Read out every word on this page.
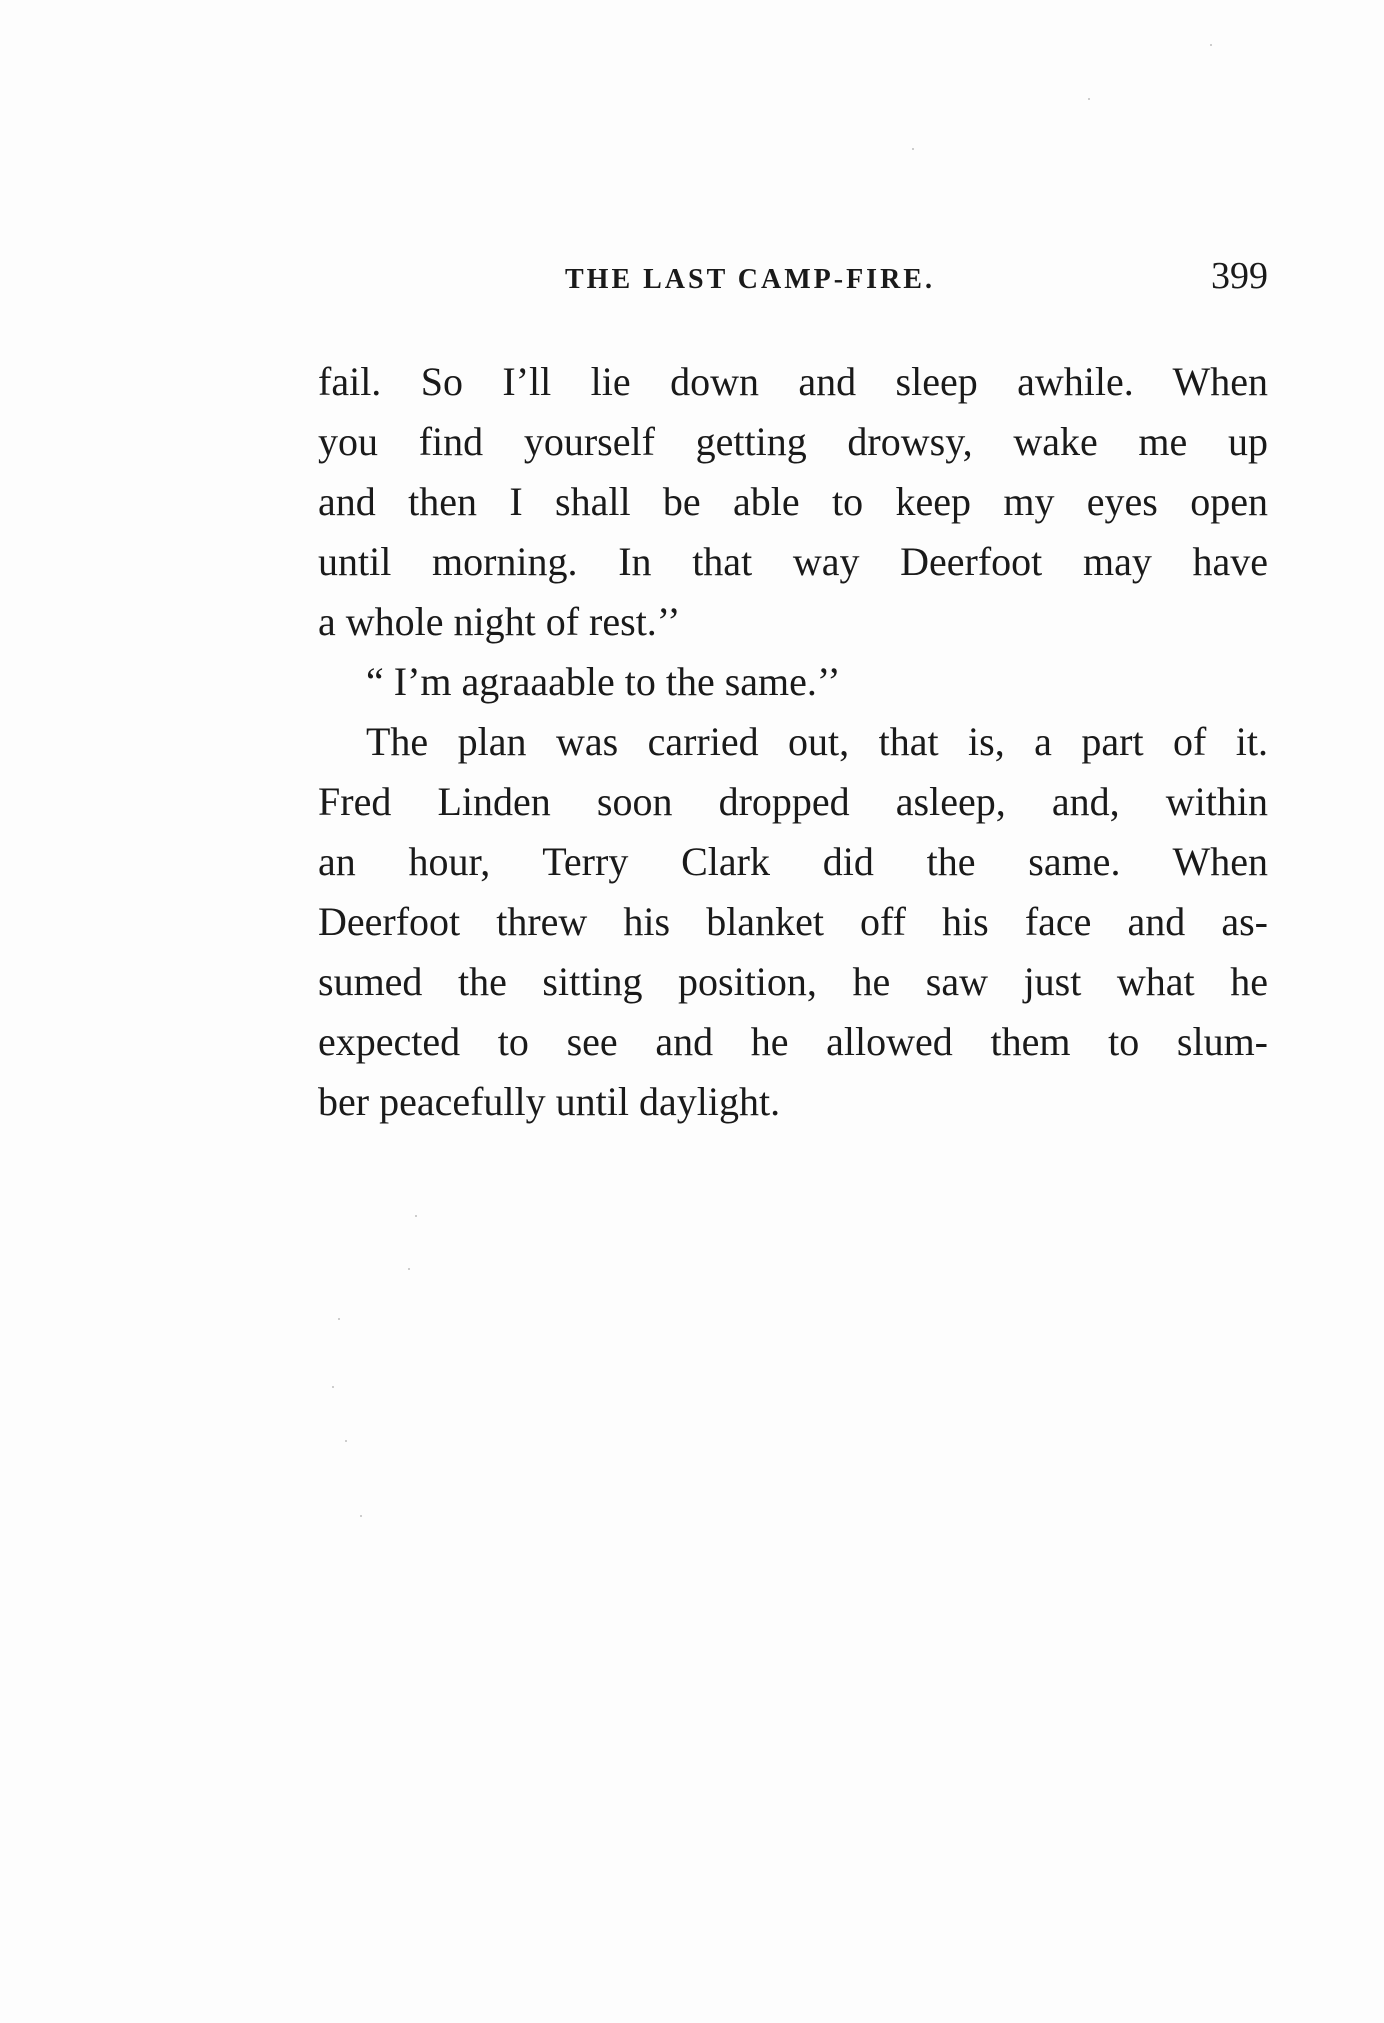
THE LAST CAMP-FIRE.	399
fail. So I’ll lie down and sleep awhile. When
you find yourself getting drowsy, wake me up
and then I shall be able to keep my eyes open
until morning. In that way Deerfoot may have
a whole night of rest.’’
“ I’m agraaable to the same.’’
The plan was carried out, that is, a part of it.
Fred Linden soon dropped asleep, and, within
an hour, Terry Clark did the same. When
Deerfoot threw his blanket off his face and as-
sumed the sitting position, he saw just what he
expected to see and he allowed them to slum-
ber peacefully until daylight.
